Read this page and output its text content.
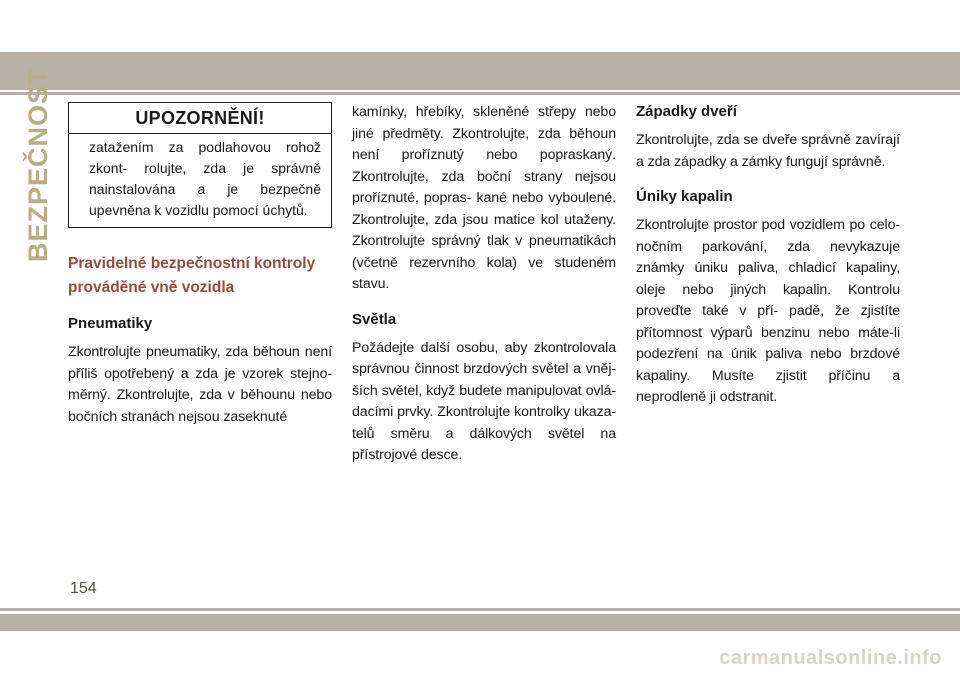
BEZPEČNOST	UPOZORNĚNÍ!
zatažením za podlahovou rohož zkont- rolujte, zda je správně nainstalována a je bezpečně upevněna k vozidlu pomocí úchytů.
Pravidelné bezpečnostní kontroly prováděné vně vozidla
Pneumatiky

Zkontrolujte pneumatiky, zda běhoun není příliš opotřebený a zda je vzorek stejno- měrný. Zkontrolujte, zda v běhounu nebo bočních stranách nejsou zaseknuté

kamínky, hřebíky, skleněné střepy nebo jiné předměty. Zkontrolujte, zda běhoun není proříznutý nebo popraskaný. Zkontrolujte, zda boční strany nejsou proříznuté, popras- kané nebo vyboulené. Zkontrolujte, zda jsou matice kol utaženy. Zkontrolujte správný tlak v pneumatikách (včetně rezervního kola) ve studeném stavu.

Světla

Požádejte další osobu, aby zkontrolovala správnou činnost brzdových světel a vněj- ších světel, když budete manipulovat ovlá- dacími prvky. Zkontrolujte kontrolky ukaza- telů směru a dálkových světel na přístrojové desce.

Západky dveří

Zkontrolujte, zda se dveře správně zavírají a zda západky a zámky fungují správně.

Úniky kapalin

Zkontrolujte prostor pod vozidlem po celo- nočním parkování, zda nevykazuje známky úniku paliva, chladicí kapaliny, oleje nebo jiných kapalin. Kontrolu proveďte také v pří- padě, že zjistíte přítomnost výparů benzinu nebo máte-li podezření na únik paliva nebo brzdové kapaliny. Musíte zjistit příčinu a neprodleně ji odstranit.

154
carmanualsonline.info
